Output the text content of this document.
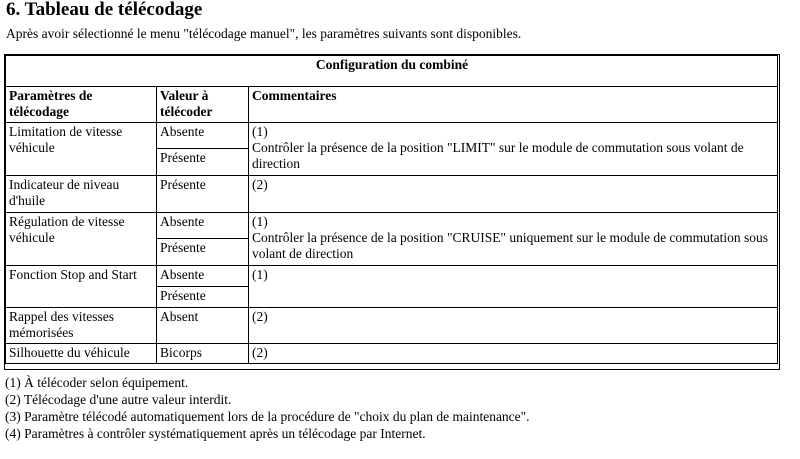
6. Tableau de télécodage

Après avoir sélectionné le menu "télécodage manuel", les paramètres suivants sont disponibles.

Configuration du combiné		
Paramètres de télécodage	Valeur à télécoder	Commentaires
Limitation de vitesse véhicule	Absente	(1)
Contrôler la présence de la position "LIMIT" sur le module de commutation sous volant de direction

	Présente	
Indicateur de niveau d'huile	Présente	(2)

Régulation de vitesse véhicule	Absente	(1)
Contrôler la présence de la position "CRUISE" uniquement sur le module de commutation sous volant de direction

	Présente	
Fonction Stop and Start	Absente	(1)

	Présente	
Rappel des vitesses mémorisées	Absent	(2)

Silhouette du véhicule	Bicorps	(2)
(1) À télécoder selon équipement.
(2) Télécodage d'une autre valeur interdit.
(3) Paramètre télécodé automatiquement lors de la procédure de "choix du plan de maintenance".
(4) Paramètres à contrôler systématiquement après un télécodage par Internet.
